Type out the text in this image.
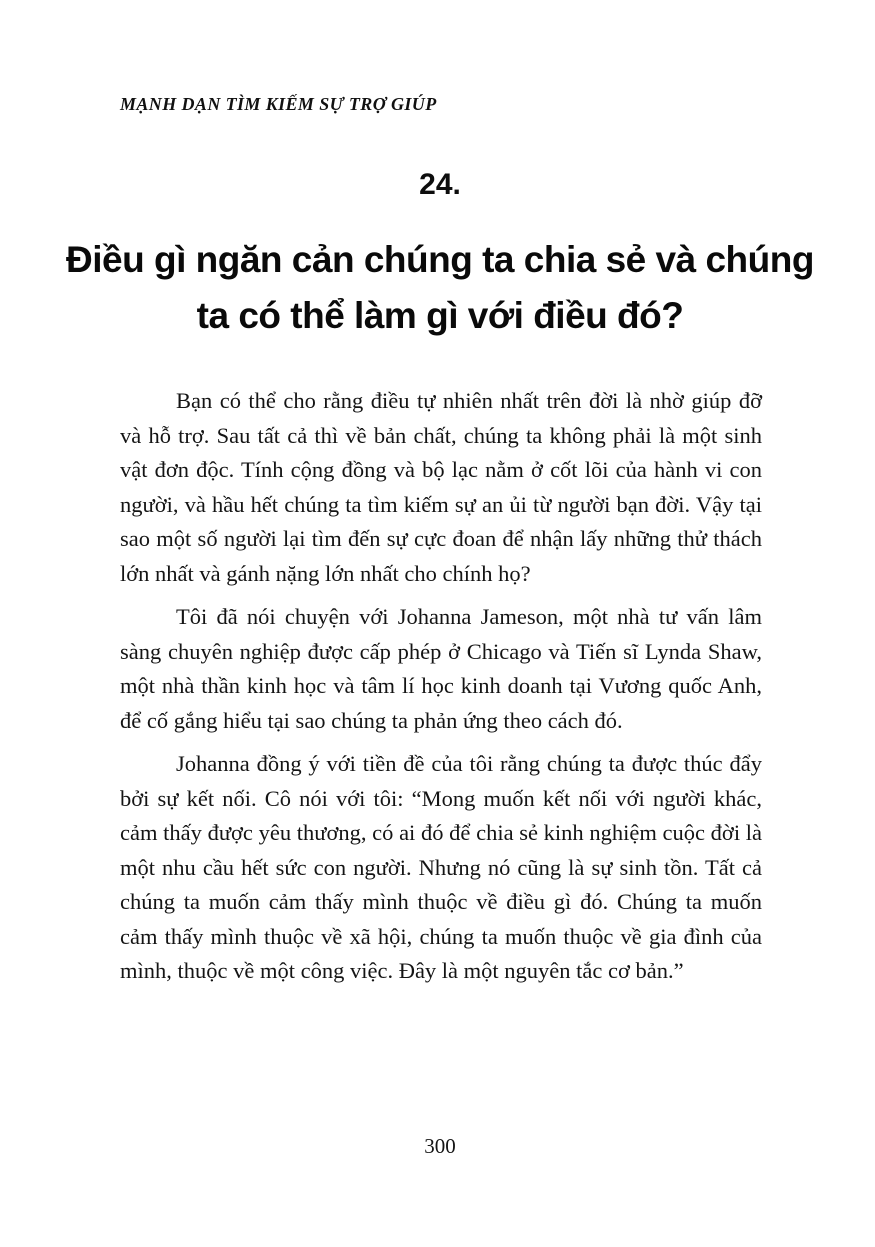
MẠNH DẠN TÌM KIẾM SỰ TRỢ GIÚP
24.
Điều gì ngăn cản chúng ta chia sẻ và chúng ta có thể làm gì với điều đó?

Bạn có thể cho rằng điều tự nhiên nhất trên đời là nhờ giúp đỡ và hỗ trợ. Sau tất cả thì về bản chất, chúng ta không phải là một sinh vật đơn độc. Tính cộng đồng và bộ lạc nằm ở cốt lõi của hành vi con người, và hầu hết chúng ta tìm kiếm sự an ủi từ người bạn đời. Vậy tại sao một số người lại tìm đến sự cực đoan để nhận lấy những thử thách lớn nhất và gánh nặng lớn nhất cho chính họ?

Tôi đã nói chuyện với Johanna Jameson, một nhà tư vấn lâm sàng chuyên nghiệp được cấp phép ở Chicago và Tiến sĩ Lynda Shaw, một nhà thần kinh học và tâm lí học kinh doanh tại Vương quốc Anh, để cố gắng hiểu tại sao chúng ta phản ứng theo cách đó.

Johanna đồng ý với tiền đề của tôi rằng chúng ta được thúc đẩy bởi sự kết nối. Cô nói với tôi: “Mong muốn kết nối với người khác, cảm thấy được yêu thương, có ai đó để chia sẻ kinh nghiệm cuộc đời là một nhu cầu hết sức con người. Nhưng nó cũng là sự sinh tồn. Tất cả chúng ta muốn cảm thấy mình thuộc về điều gì đó. Chúng ta muốn cảm thấy mình thuộc về xã hội, chúng ta muốn thuộc về gia đình của mình, thuộc về một công việc. Đây là một nguyên tắc cơ bản.”

300
